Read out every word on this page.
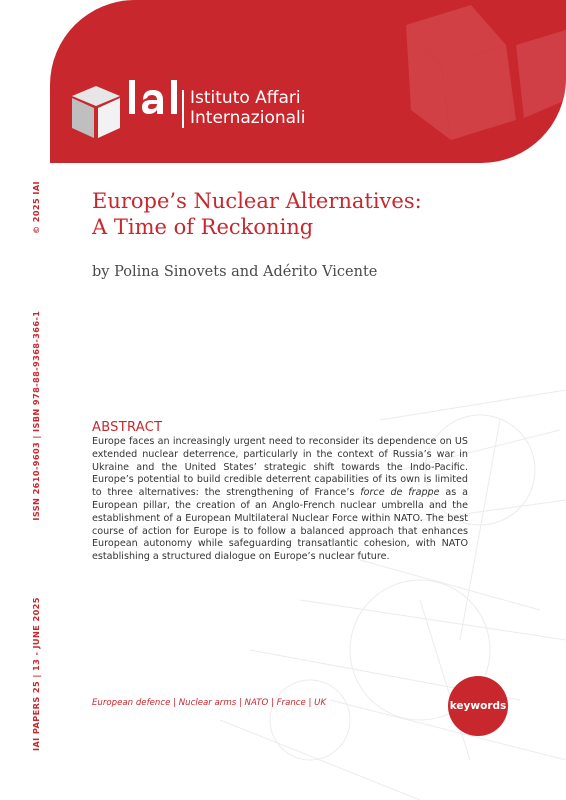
Istituto Affari
Internazionali
IAI PAPERS 25 | 13 - JUNE 2025
ISSN 2610-9603 | ISBN 978-88-9368-366-1
© 2025 IAI Europe’s Nuclear Alternatives:
A Time of Reckoning
by Polina Sinovets and Adérito Vicente
ABSTRACT

Europe faces an increasingly urgent need to reconsider its dependence on US extended nuclear deterrence, particularly in the context of Russia’s war in Ukraine and the United States’ strategic shift towards the Indo-Pacific. Europe’s potential to build credible deterrent capabilities of its own is limited to three alternatives: the strengthening of France’s force de frappe as a European pillar, the creation of an Anglo-French nuclear umbrella and the establishment of a European Multilateral Nuclear Force within NATO. The best course of action for Europe is to follow a balanced approach that enhances European autonomy while safeguarding transatlantic cohesion, with NATO establishing a structured dialogue on Europe’s nuclear future.

European defence | Nuclear arms | NATO | France | UK	keywords
